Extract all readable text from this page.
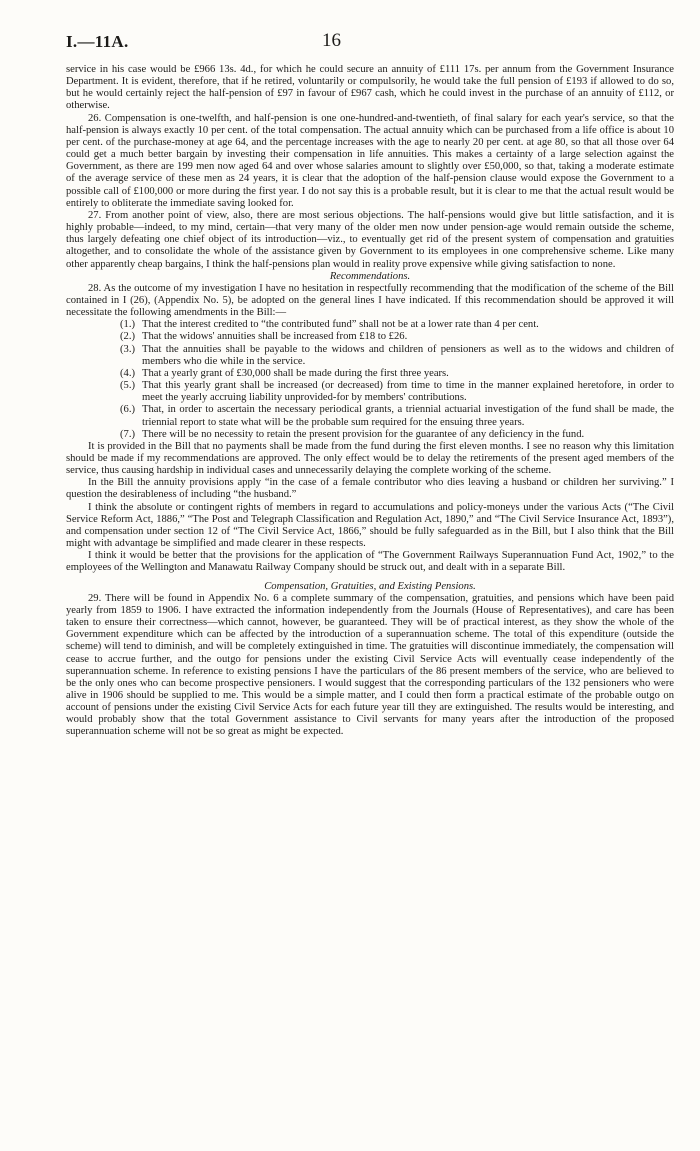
I.—11A.	16

service in his case would be £966 13s. 4d., for which he could secure an annuity of £111 17s. per annum from the Government Insurance Department. It is evident, therefore, that if he retired, voluntarily or compulsorily, he would take the full pension of £193 if allowed to do so, but he would certainly reject the half-pension of £97 in favour of £967 cash, which he could invest in the purchase of an annuity of £112, or otherwise.

26. Compensation is one-twelfth, and half-pension is one one-hundred-and-twentieth, of final salary for each year's service, so that the half-pension is always exactly 10 per cent. of the total compensation. The actual annuity which can be purchased from a life office is about 10 per cent. of the purchase-money at age 64, and the percentage increases with the age to nearly 20 per cent. at age 80, so that all those over 64 could get a much better bargain by investing their compensation in life annuities. This makes a certainty of a large selection against the Government, as there are 199 men now aged 64 and over whose salaries amount to slightly over £50,000, so that, taking a moderate estimate of the average service of these men as 24 years, it is clear that the adoption of the half-pension clause would expose the Government to a possible call of £100,000 or more during the first year. I do not say this is a probable result, but it is clear to me that the actual result would be entirely to obliterate the immediate saving looked for.

27. From another point of view, also, there are most serious objections. The half-pensions would give but little satisfaction, and it is highly probable—indeed, to my mind, certain—that very many of the older men now under pension-age would remain outside the scheme, thus largely defeating one chief object of its introduction—viz., to eventually get rid of the present system of compensation and gratuities altogether, and to consolidate the whole of the assistance given by Government to its employees in one comprehensive scheme. Like many other apparently cheap bargains, I think the half-pensions plan would in reality prove expensive while giving satisfaction to none.

Recommendations.

28. As the outcome of my investigation I have no hesitation in respectfully recommending that the modification of the scheme of the Bill contained in I (26), (Appendix No. 5), be adopted on the general lines I have indicated. If this recommendation should be approved it will necessitate the following amendments in the Bill:—

(1.) That the interest credited to “the contributed fund” shall not be at a lower rate than 4 per cent.
(2.) That the widows' annuities shall be increased from £18 to £26.
(3.) That the annuities shall be payable to the widows and children of pensioners as well as to the widows and children of members who die while in the service.
(4.) That a yearly grant of £30,000 shall be made during the first three years.
(5.) That this yearly grant shall be increased (or decreased) from time to time in the manner explained heretofore, in order to meet the yearly accruing liability unprovided-for by members' contributions.
(6.) That, in order to ascertain the necessary periodical grants, a triennial actuarial investigation of the fund shall be made, the triennial report to state what will be the probable sum required for the ensuing three years.
(7.) There will be no necessity to retain the present provision for the guarantee of any deficiency in the fund.

It is provided in the Bill that no payments shall be made from the fund during the first eleven months. I see no reason why this limitation should be made if my recommendations are approved. The only effect would be to delay the retirements of the present aged members of the service, thus causing hardship in individual cases and unnecessarily delaying the complete working of the scheme.

In the Bill the annuity provisions apply “in the case of a female contributor who dies leaving a husband or children her surviving.” I question the desirableness of including “the husband.”

I think the absolute or contingent rights of members in regard to accumulations and policy-moneys under the various Acts (“The Civil Service Reform Act, 1886,” “The Post and Telegraph Classification and Regulation Act, 1890,” and “The Civil Service Insurance Act, 1893”), and compensation under section 12 of “The Civil Service Act, 1866,” should be fully safeguarded as in the Bill, but I also think that the Bill might with advantage be simplified and made clearer in these respects.

I think it would be better that the provisions for the application of “The Government Railways Superannuation Fund Act, 1902,” to the employees of the Wellington and Manawatu Railway Company should be struck out, and dealt with in a separate Bill.

Compensation, Gratuities, and Existing Pensions.

29. There will be found in Appendix No. 6 a complete summary of the compensation, gratuities, and pensions which have been paid yearly from 1859 to 1906. I have extracted the information independently from the Journals (House of Representatives), and care has been taken to ensure their correctness—which cannot, however, be guaranteed. They will be of practical interest, as they show the whole of the Government expenditure which can be affected by the introduction of a superannuation scheme. The total of this expenditure (outside the scheme) will tend to diminish, and will be completely extinguished in time. The gratuities will discontinue immediately, the compensation will cease to accrue further, and the outgo for pensions under the existing Civil Service Acts will eventually cease independently of the superannuation scheme. In reference to existing pensions I have the particulars of the 86 present members of the service, who are believed to be the only ones who can become prospective pensioners. I would suggest that the corresponding particulars of the 132 pensioners who were alive in 1906 should be supplied to me. This would be a simple matter, and I could then form a practical estimate of the probable outgo on account of pensions under the existing Civil Service Acts for each future year till they are extinguished. The results would be interesting, and would probably show that the total Government assistance to Civil servants for many years after the introduction of the proposed superannuation scheme will not be so great as might be expected.
